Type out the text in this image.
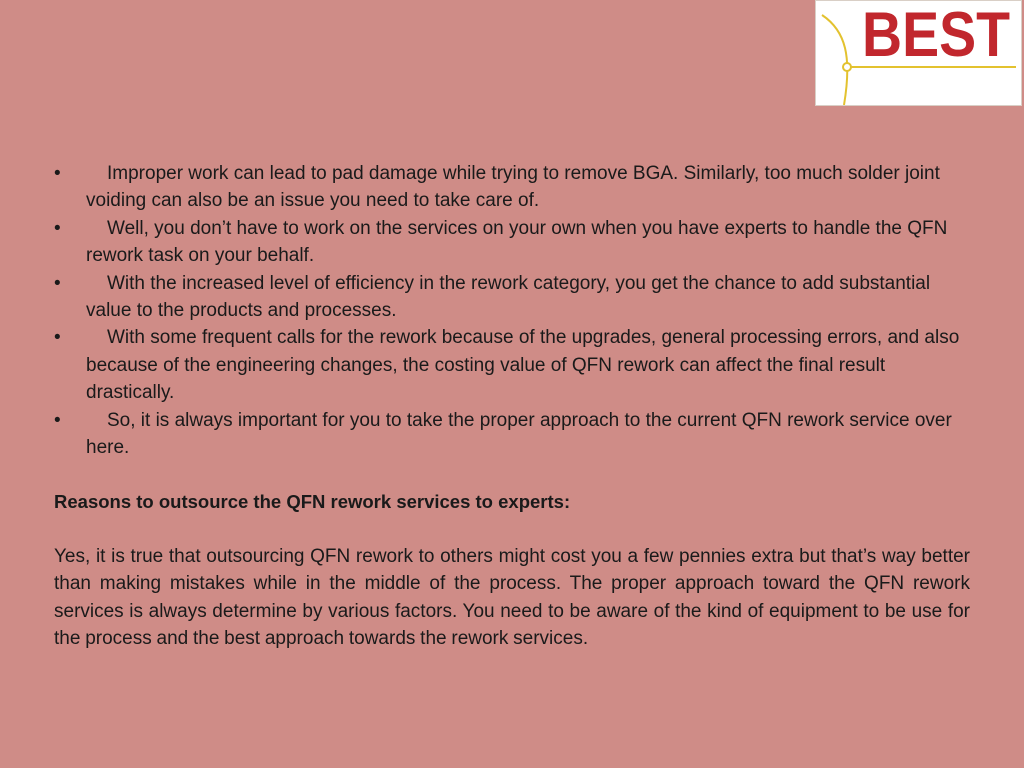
BEST
•	Improper work can lead to pad damage while trying to remove BGA. Similarly, too much solder joint voiding can also be an issue you need to take care of.
•	Well, you don’t have to work on the services on your own when you have experts to handle the QFN rework task on your behalf.
•	With the increased level of efficiency in the rework category, you get the chance to add substantial value to the products and processes.
•	With some frequent calls for the rework because of the upgrades, general processing errors, and also because of the engineering changes, the costing value of QFN rework can affect the final result drastically.
•	So, it is always important for you to take the proper approach to the current QFN rework service over here.

Reasons to outsource the QFN rework services to experts:

Yes, it is true that outsourcing QFN rework to others might cost you a few pennies extra but that’s way better than making mistakes while in the middle of the process. The proper approach toward the QFN rework services is always determine by various factors. You need to be aware of the kind of equipment to be use for the process and the best approach towards the rework services.
